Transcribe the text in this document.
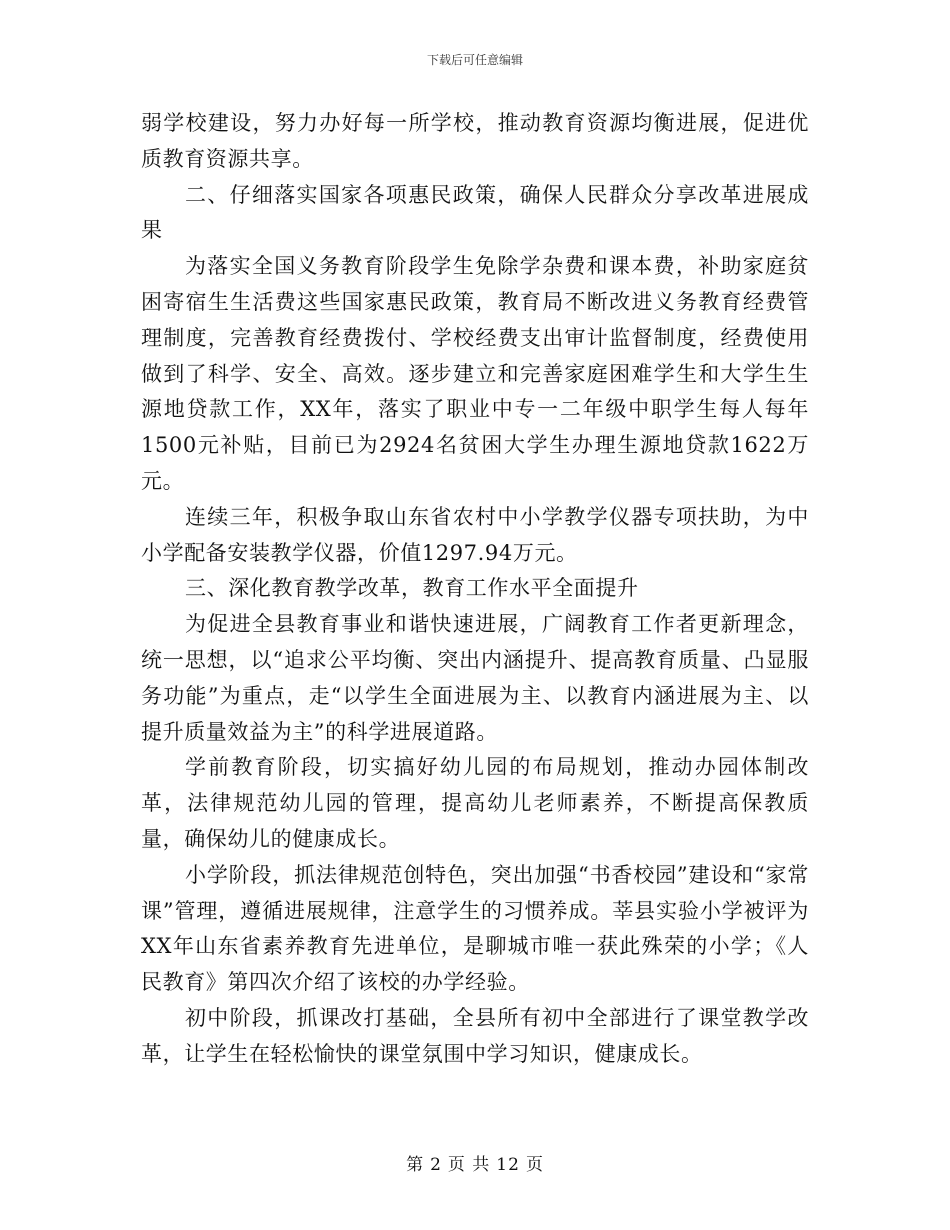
下载后可任意编辑

弱学校建设，努力办好每一所学校，推动教育资源均衡进展，促进优质教育资源共享。

二、仔细落实国家各项惠民政策，确保人民群众分享改革进展成果

为落实全国义务教育阶段学生免除学杂费和课本费，补助家庭贫困寄宿生生活费这些国家惠民政策，教育局不断改进义务教育经费管理制度，完善教育经费拨付、学校经费支出审计监督制度，经费使用做到了科学、安全、高效。逐步建立和完善家庭困难学生和大学生生源地贷款工作，XX年，落实了职业中专一二年级中职学生每人每年1500元补贴，目前已为2924名贫困大学生办理生源地贷款1622万元。

连续三年，积极争取山东省农村中小学教学仪器专项扶助，为中小学配备安装教学仪器，价值1297.94万元。

三、深化教育教学改革，教育工作水平全面提升

为促进全县教育事业和谐快速进展，广阔教育工作者更新理念，统一思想，以“追求公平均衡、突出内涵提升、提高教育质量、凸显服务功能”为重点，走“以学生全面进展为主、以教育内涵进展为主、以提升质量效益为主”的科学进展道路。

学前教育阶段，切实搞好幼儿园的布局规划，推动办园体制改革，法律规范幼儿园的管理，提高幼儿老师素养，不断提高保教质量，确保幼儿的健康成长。

小学阶段，抓法律规范创特色，突出加强“书香校园”建设和“家常课”管理，遵循进展规律，注意学生的习惯养成。莘县实验小学被评为XX年山东省素养教育先进单位，是聊城市唯一获此殊荣的小学；《人民教育》第四次介绍了该校的办学经验。

初中阶段，抓课改打基础，全县所有初中全部进行了课堂教学改革，让学生在轻松愉快的课堂氛围中学习知识，健康成长。

第 2 页 共 12 页
